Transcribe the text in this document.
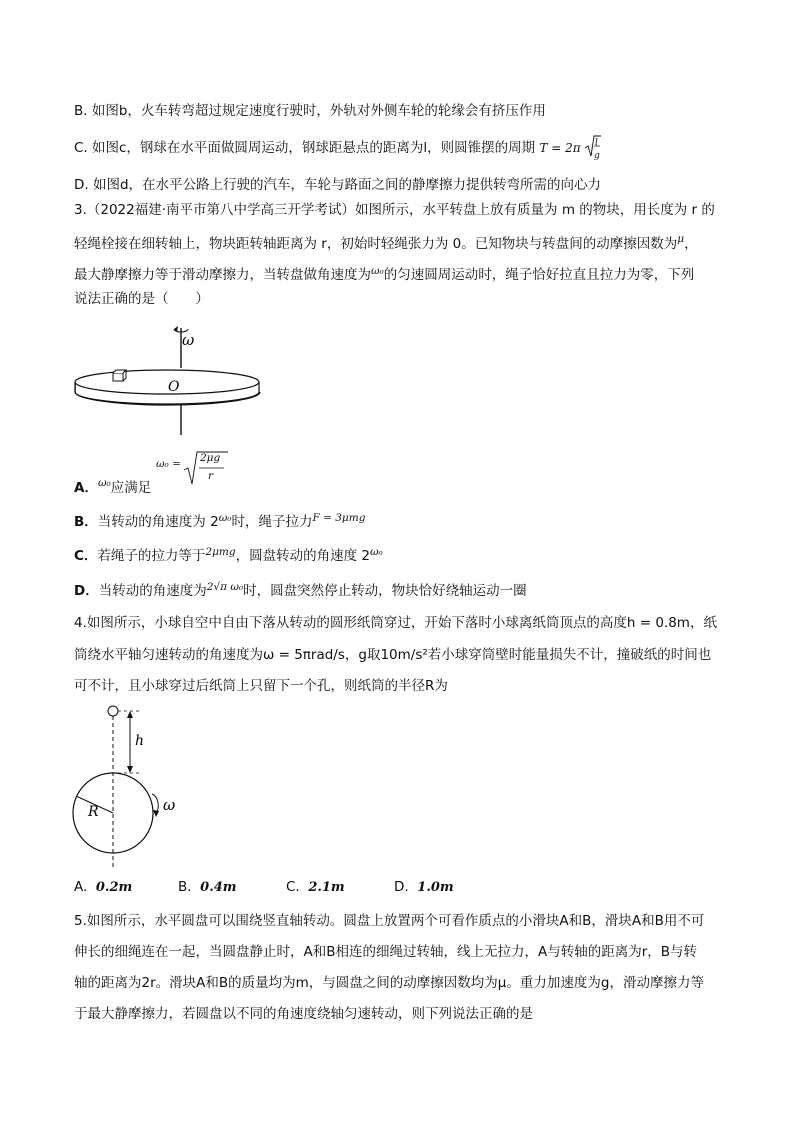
B. 如图b，火车转弯超过规定速度行驶时，外轨对外侧车轮的轮缘会有挤压作用
C. 如图c，钢球在水平面做圆周运动，钢球距悬点的距离为l，则圆锥摆的周期 T = 2π l
g
D. 如图d，在水平公路上行驶的汽车，车轮与路面之间的静摩擦力提供转弯所需的向心力
3.（2022福建·南平市第八中学高三开学考试）如图所示，水平转盘上放有质量为 m 的物块，用长度为 r 的
轻绳栓接在细转轴上，物块距转轴距离为 r，初始时轻绳张力为 0。已知物块与转盘间的动摩擦因数为$^\mu$，
最大静摩擦力等于滑动摩擦力，当转盘做角速度为$^{\omega_0}$的匀速圆周运动时，绳子恰好拉直且拉力为零，下列
说法正确的是（　　）
ω
O
A．$^{\omega_0}$应满足
ω₀ = 2μg
r
B．当转动的角速度为 $2^{\omega_0}$时，绳子拉力$^{F = 3\mu mg}$
C．若绳子的拉力等于$^{2\mu mg}$，圆盘转动的角速度 $2^{\omega_0}$
D．当转动的角速度为$^{2√\pi \omega_0}$时，圆盘突然停止转动，物块恰好绕轴运动一圈
4.如图所示，小球自空中自由下落从转动的圆形纸筒穿过，开始下落时小球离纸筒顶点的高度h = 0.8m，纸
筒绕水平轴匀速转动的角速度为ω = 5πrad/s，g取10m/s²若小球穿筒壁时能量损失不计，撞破纸的时间也
可不计，且小球穿过后纸筒上只留下一个孔，则纸筒的半径R为
h
R	ω
A. 0.2m	B. 0.4m	C. 2.1m	D. 1.0m
5.如图所示，水平圆盘可以围绕竖直轴转动。圆盘上放置两个可看作质点的小滑块A和B，滑块A和B用不可
伸长的细绳连在一起，当圆盘静止时，A和B相连的细绳过转轴，线上无拉力，A与转轴的距离为r，B与转
轴的距离为2r。滑块A和B的质量均为m，与圆盘之间的动摩擦因数均为μ。重力加速度为g，滑动摩擦力等
于最大静摩擦力，若圆盘以不同的角速度绕轴匀速转动，则下列说法正确的是
